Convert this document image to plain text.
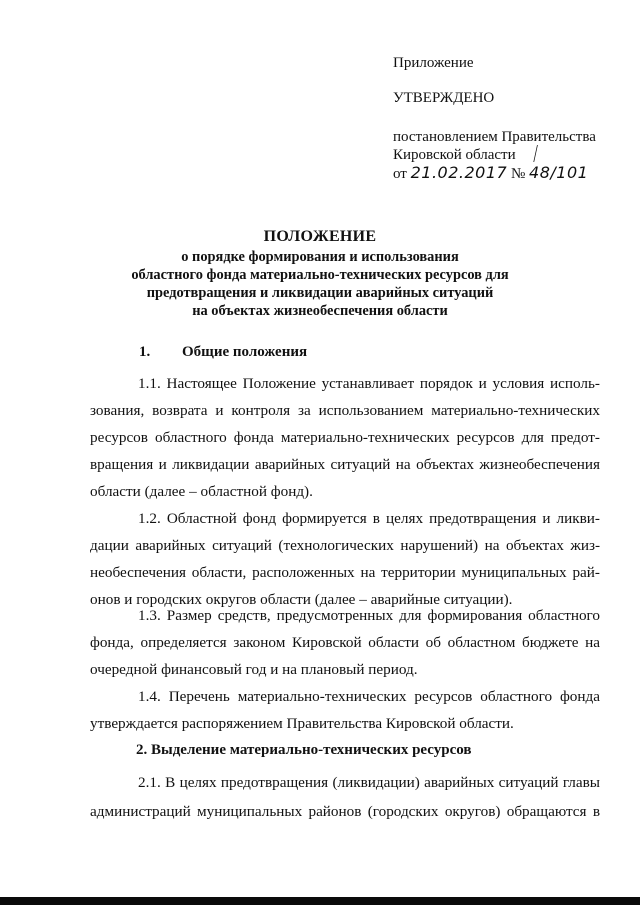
Приложение
УТВЕРЖДЕНО
постановлением Правительства
Кировской области /
от 21.02.2017 № 48/101
ПОЛОЖЕНИЕ
о порядке формирования и использования
областного фонда материально-технических ресурсов для
предотвращения и ликвидации аварийных ситуаций
на объектах жизнеобеспечения области
1. Общие положения
1.1. Настоящее Положение устанавливает порядок и условия исполь-
зования, возврата и контроля за использованием материально-технических
ресурсов областного фонда материально-технических ресурсов для предот-
вращения и ликвидации аварийных ситуаций на объектах жизнеобеспечения
области (далее – областной фонд).
1.2. Областной фонд формируется в целях предотвращения и ликви-
дации аварийных ситуаций (технологических нарушений) на объектах жиз-
необеспечения области, расположенных на территории муниципальных рай-
онов и городских округов области (далее – аварийные ситуации).
1.3. Размер средств, предусмотренных для формирования областного
фонда, определяется законом Кировской области об областном бюджете на
очередной финансовый год и на плановый период.
1.4. Перечень материально-технических ресурсов областного фонда
утверждается распоряжением Правительства Кировской области.
2. Выделение материально-технических ресурсов
2.1. В целях предотвращения (ликвидации) аварийных ситуаций главы
администраций муниципальных районов (городских округов) обращаются в
